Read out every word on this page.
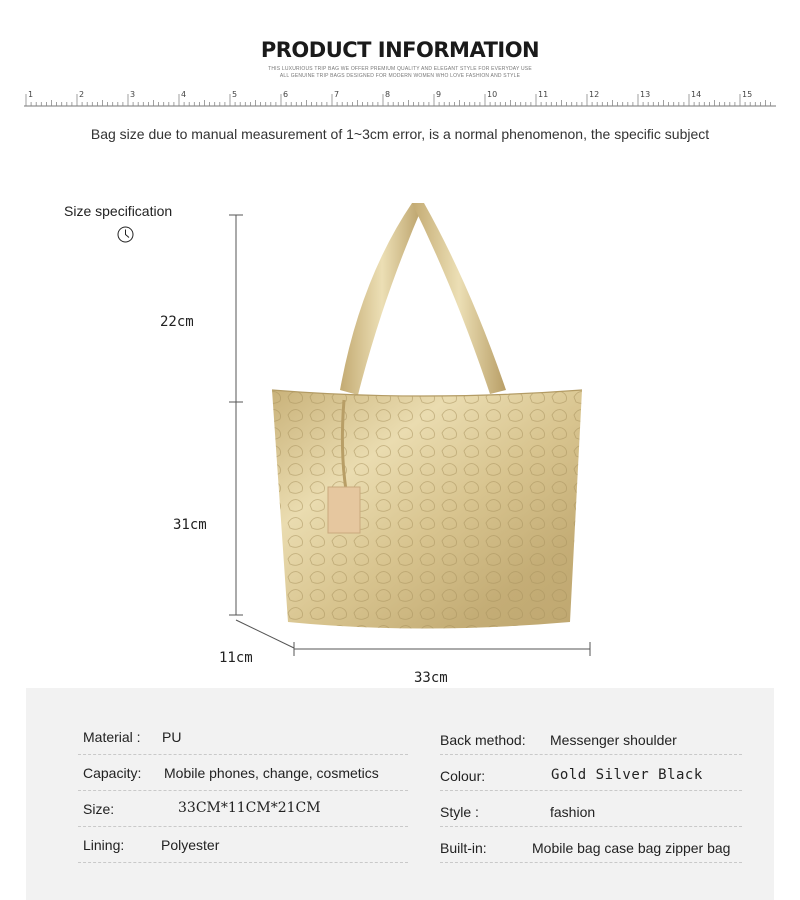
PRODUCT INFORMATION
THIS LUXURIOUS TRIP BAG WE OFFER PREMIUM QUALITY AND ELEGANT STYLE FOR EVERYDAY USE
ALL GENUINE TRIP BAGS DESIGNED FOR MODERN WOMEN WHO LOVE FASHION AND STYLE
1	2	3	4	5	6	7	8	9	10	11	12	13	14	15
Bag size due to manual measurement of 1~3cm error, is a normal phenomenon, the specific subject
Size specification
22cm
31cm
11cm
33cm
Material : PU
Capacity: Mobile phones, change, cosmetics
Size:	33CM*11CM*21CM
Lining:	Polyester
Back method: Messenger shoulder
Colour:	Gold Silver Black
Style :	fashion
Built-in:	Mobile bag case bag zipper bag
